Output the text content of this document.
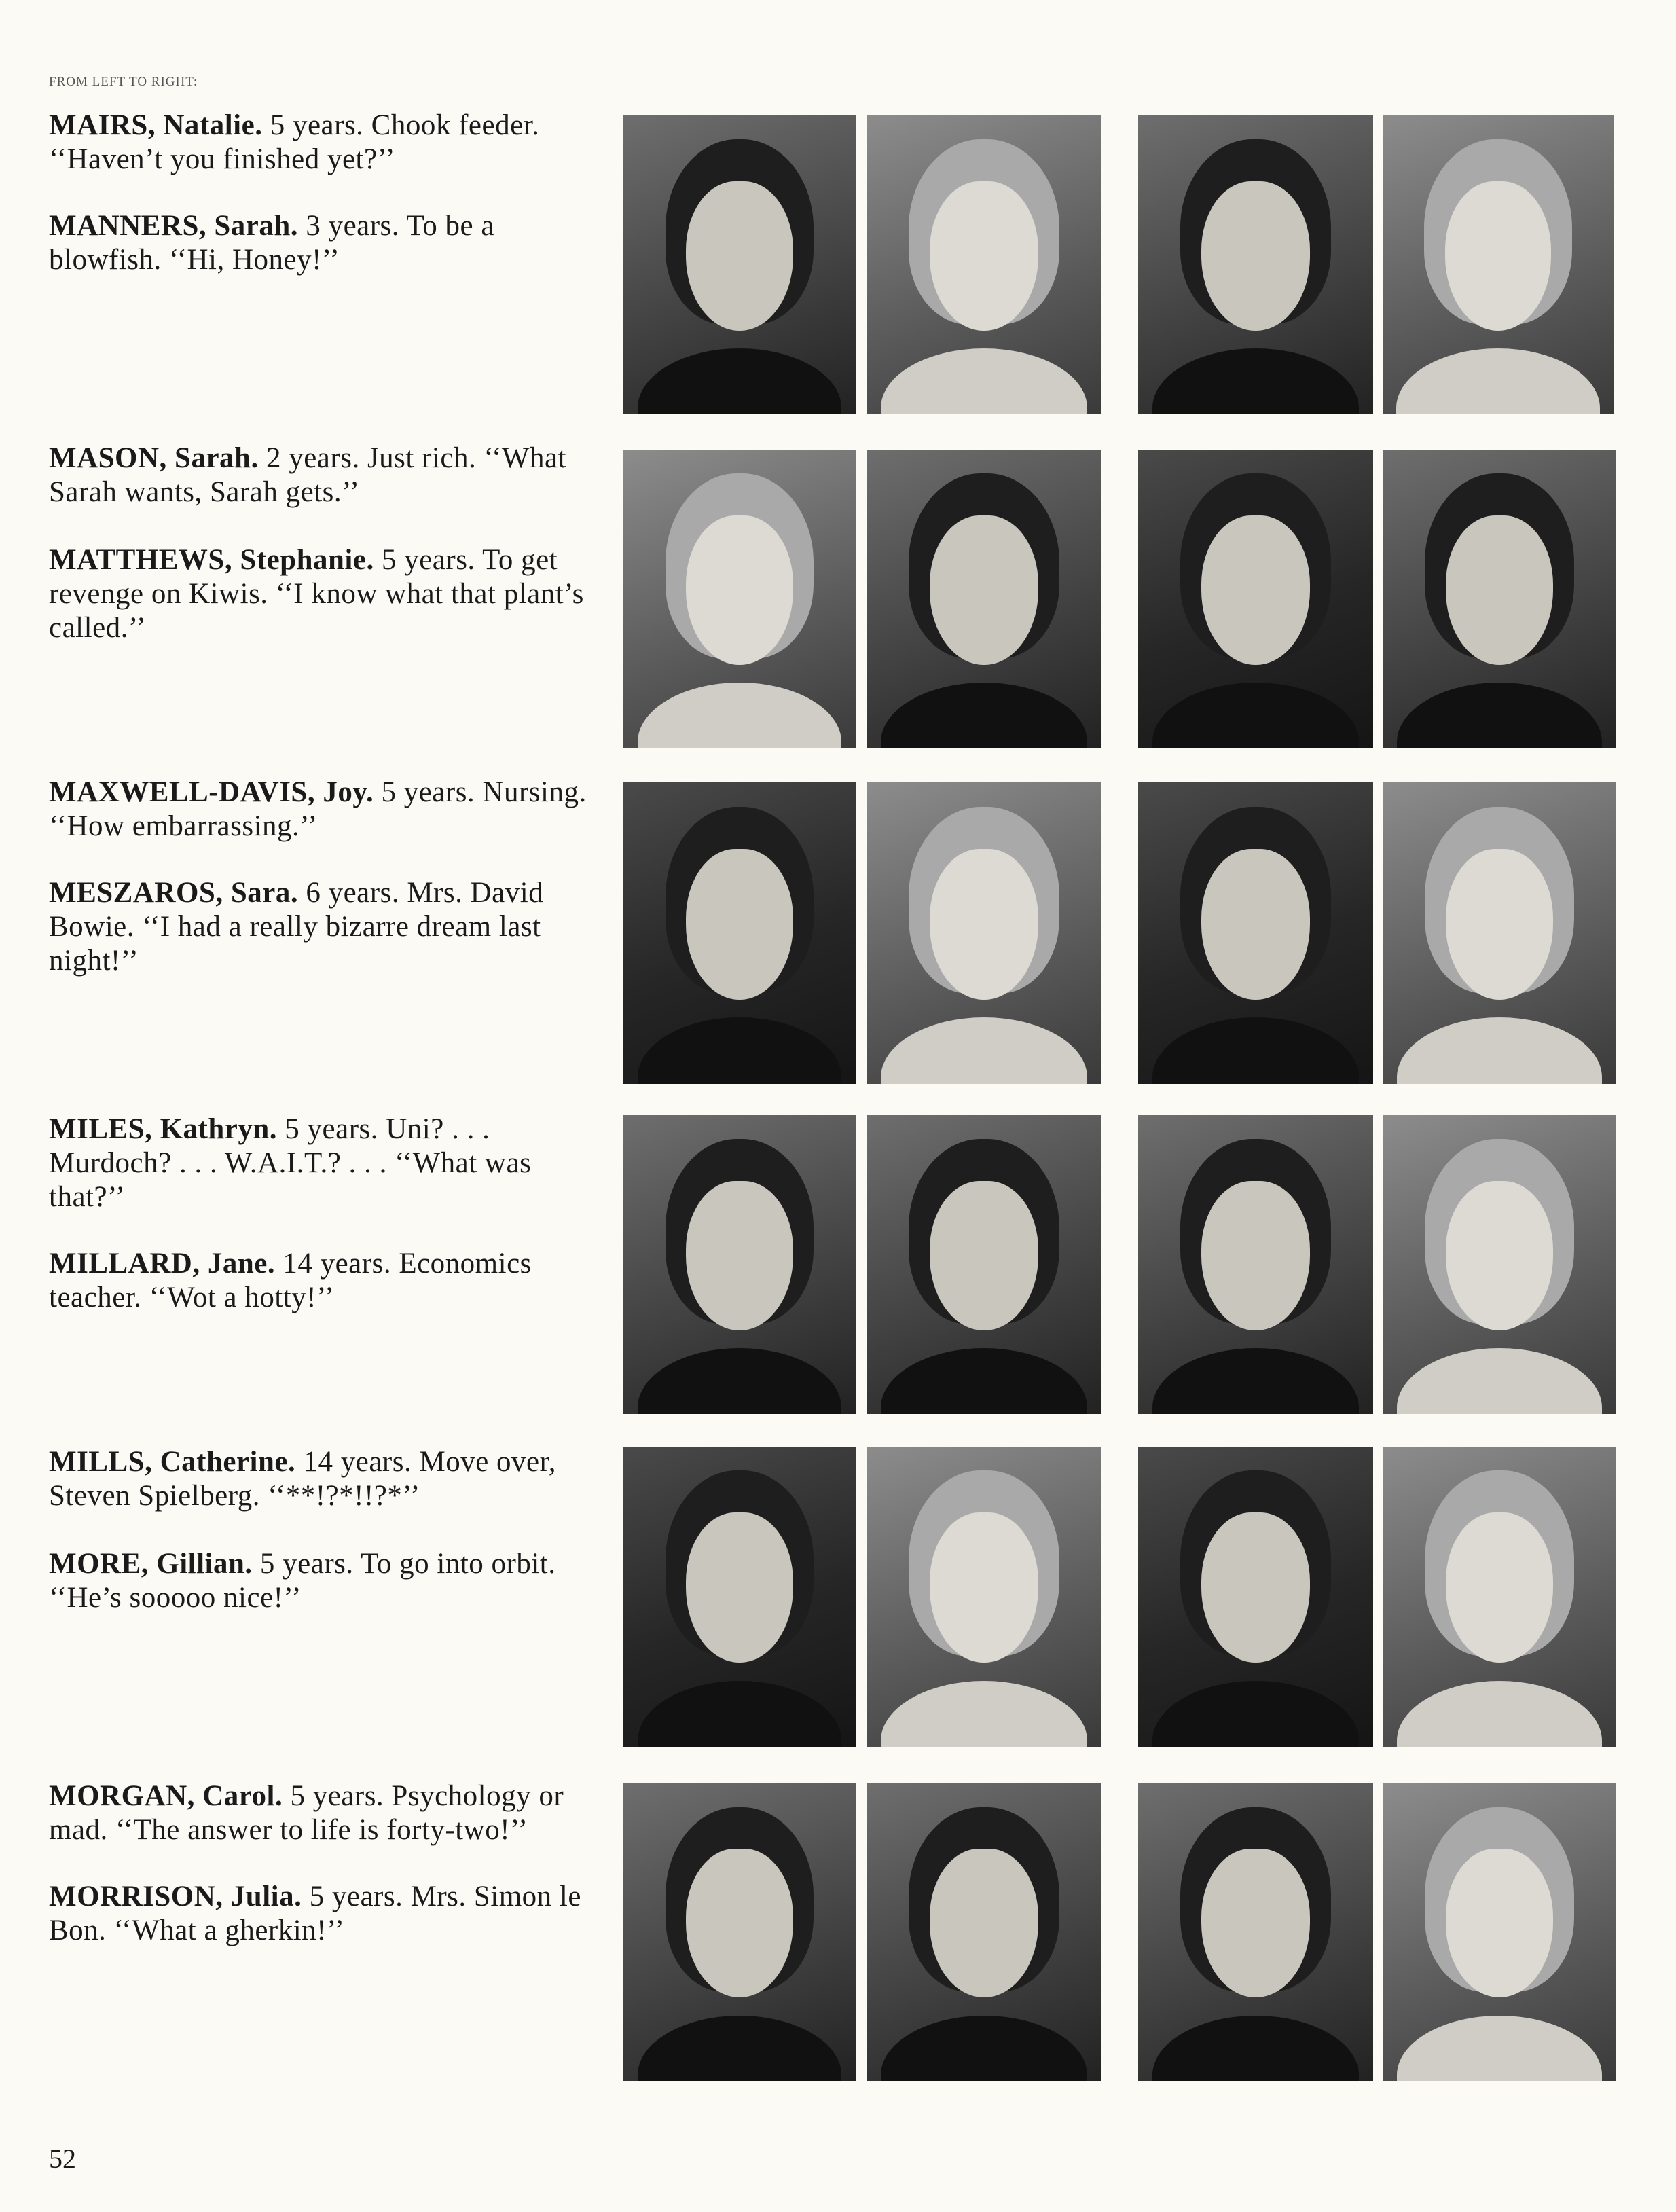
FROM LEFT TO RIGHT:
MAIRS, Natalie. 5 years. Chook feeder. ‘‘Haven’t you finished yet?’’
MANNERS, Sarah. 3 years. To be a blowfish. ‘‘Hi, Honey!’’
MASON, Sarah. 2 years. Just rich. ‘‘What Sarah wants, Sarah gets.’’
MATTHEWS, Stephanie. 5 years. To get revenge on Kiwis. ‘‘I know what that plant’s called.’’
MAXWELL-DAVIS, Joy. 5 years. Nursing. ‘‘How embarrassing.’’
MESZAROS, Sara. 6 years. Mrs. David Bowie. ‘‘I had a really bizarre dream last night!’’
MILES, Kathryn. 5 years. Uni? . . . Murdoch? . . . W.A.I.T.? . . . ‘‘What was that?’’
MILLARD, Jane. 14 years. Economics teacher. ‘‘Wot a hotty!’’
MILLS, Catherine. 14 years. Move over, Steven Spielberg. ‘‘**!?*!!?*’’
MORE, Gillian. 5 years. To go into orbit. ‘‘He’s sooooo nice!’’
MORGAN, Carol. 5 years. Psychology or mad. ‘‘The answer to life is forty-two!’’
MORRISON, Julia. 5 years. Mrs. Simon le Bon. ‘‘What a gherkin!’’
52
